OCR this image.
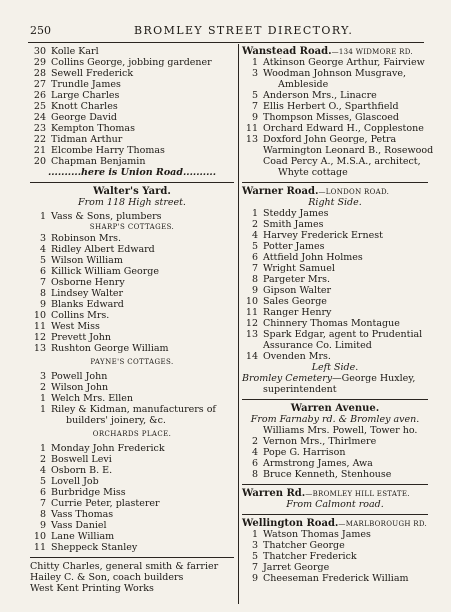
250	BROMLEY STREET DIRECTORY.
30 Kolle Karl
29 Collins George, jobbing gardener
28 Sewell Frederick
27 Trundle James
26 Large Charles
25 Knott Charles
24 George David
23 Kempton Thomas
22 Tidman Arthur
21 Elcombe Harry Thomas
20 Chapman Benjamin
..........here is Union Road..........
Walter's Yard.
From 118 High street.
1 Vass & Sons, plumbers
SHARP'S COTTAGES.
3 Robinson Mrs.
4 Ridley Albert Edward
5 Wilson William
6 Killick William George
7 Osborne Henry
8 Lindsey Walter
9 Blanks Edward
10 Collins Mrs.
11 West Miss
12 Prevett John
13 Rushton George William
PAYNE'S COTTAGES.
3 Powell John
2 Wilson John
1 Welch Mrs. Ellen
1 Riley & Kidman, manufacturers of
builders' joinery, &c.
ORCHARDS PLACE.
1 Monday John Frederick
2 Boswell Levi
4 Osborn B. E.
5 Lovell Job
6 Burbridge Miss
7 Currie Peter, plasterer
8 Vass Thomas
9 Vass Daniel
10 Lane William
11 Sheppeck Stanley
Chitty Charles, general smith & farrier
Hailey C. & Son, coach builders
West Kent Printing Works
Wanstead Road.—134 WIDMORE RD.
1 Atkinson George Arthur, Fairview
3 Woodman Johnson Musgrave,
Ambleside
5 Anderson Mrs., Linacre
7 Ellis Herbert O., Sparthfield
9 Thompson Misses, Glascoed
11 Orchard Edward H., Copplestone
13 Doxford John George, Petra
Warmington Leonard B., Rosewood
Coad Percy A., M.S.A., architect,
Whyte cottage
Warner Road.—LONDON ROAD.
Right Side.
1 Steddy James
2 Smith James
4 Harvey Frederick Ernest
5 Potter James
6 Attfield John Holmes
7 Wright Samuel
8 Pargeter Mrs.
9 Gipson Walter
10 Sales George
11 Ranger Henry
12 Chinnery Thomas Montague
13 Spark Edgar, agent to Prudential
Assurance Co. Limited
14 Ovenden Mrs.
Left Side.
Bromley Cemetery—George Huxley,
superintendent
Warren Avenue.
From Farnaby rd. & Bromley aven.
Williams Mrs. Powell, Tower ho.
2 Vernon Mrs., Thirlmere
4 Pope G. Harrison
6 Armstrong James, Awa
8 Bruce Kenneth, Stenhouse
Warren Rd.—BROMLEY HILL ESTATE.
From Calmont road.
Wellington Road.—MARLBOROUGH RD.
1 Watson Thomas James
3 Thatcher George
5 Thatcher Frederick
7 Jarret George
9 Cheeseman Frederick William
